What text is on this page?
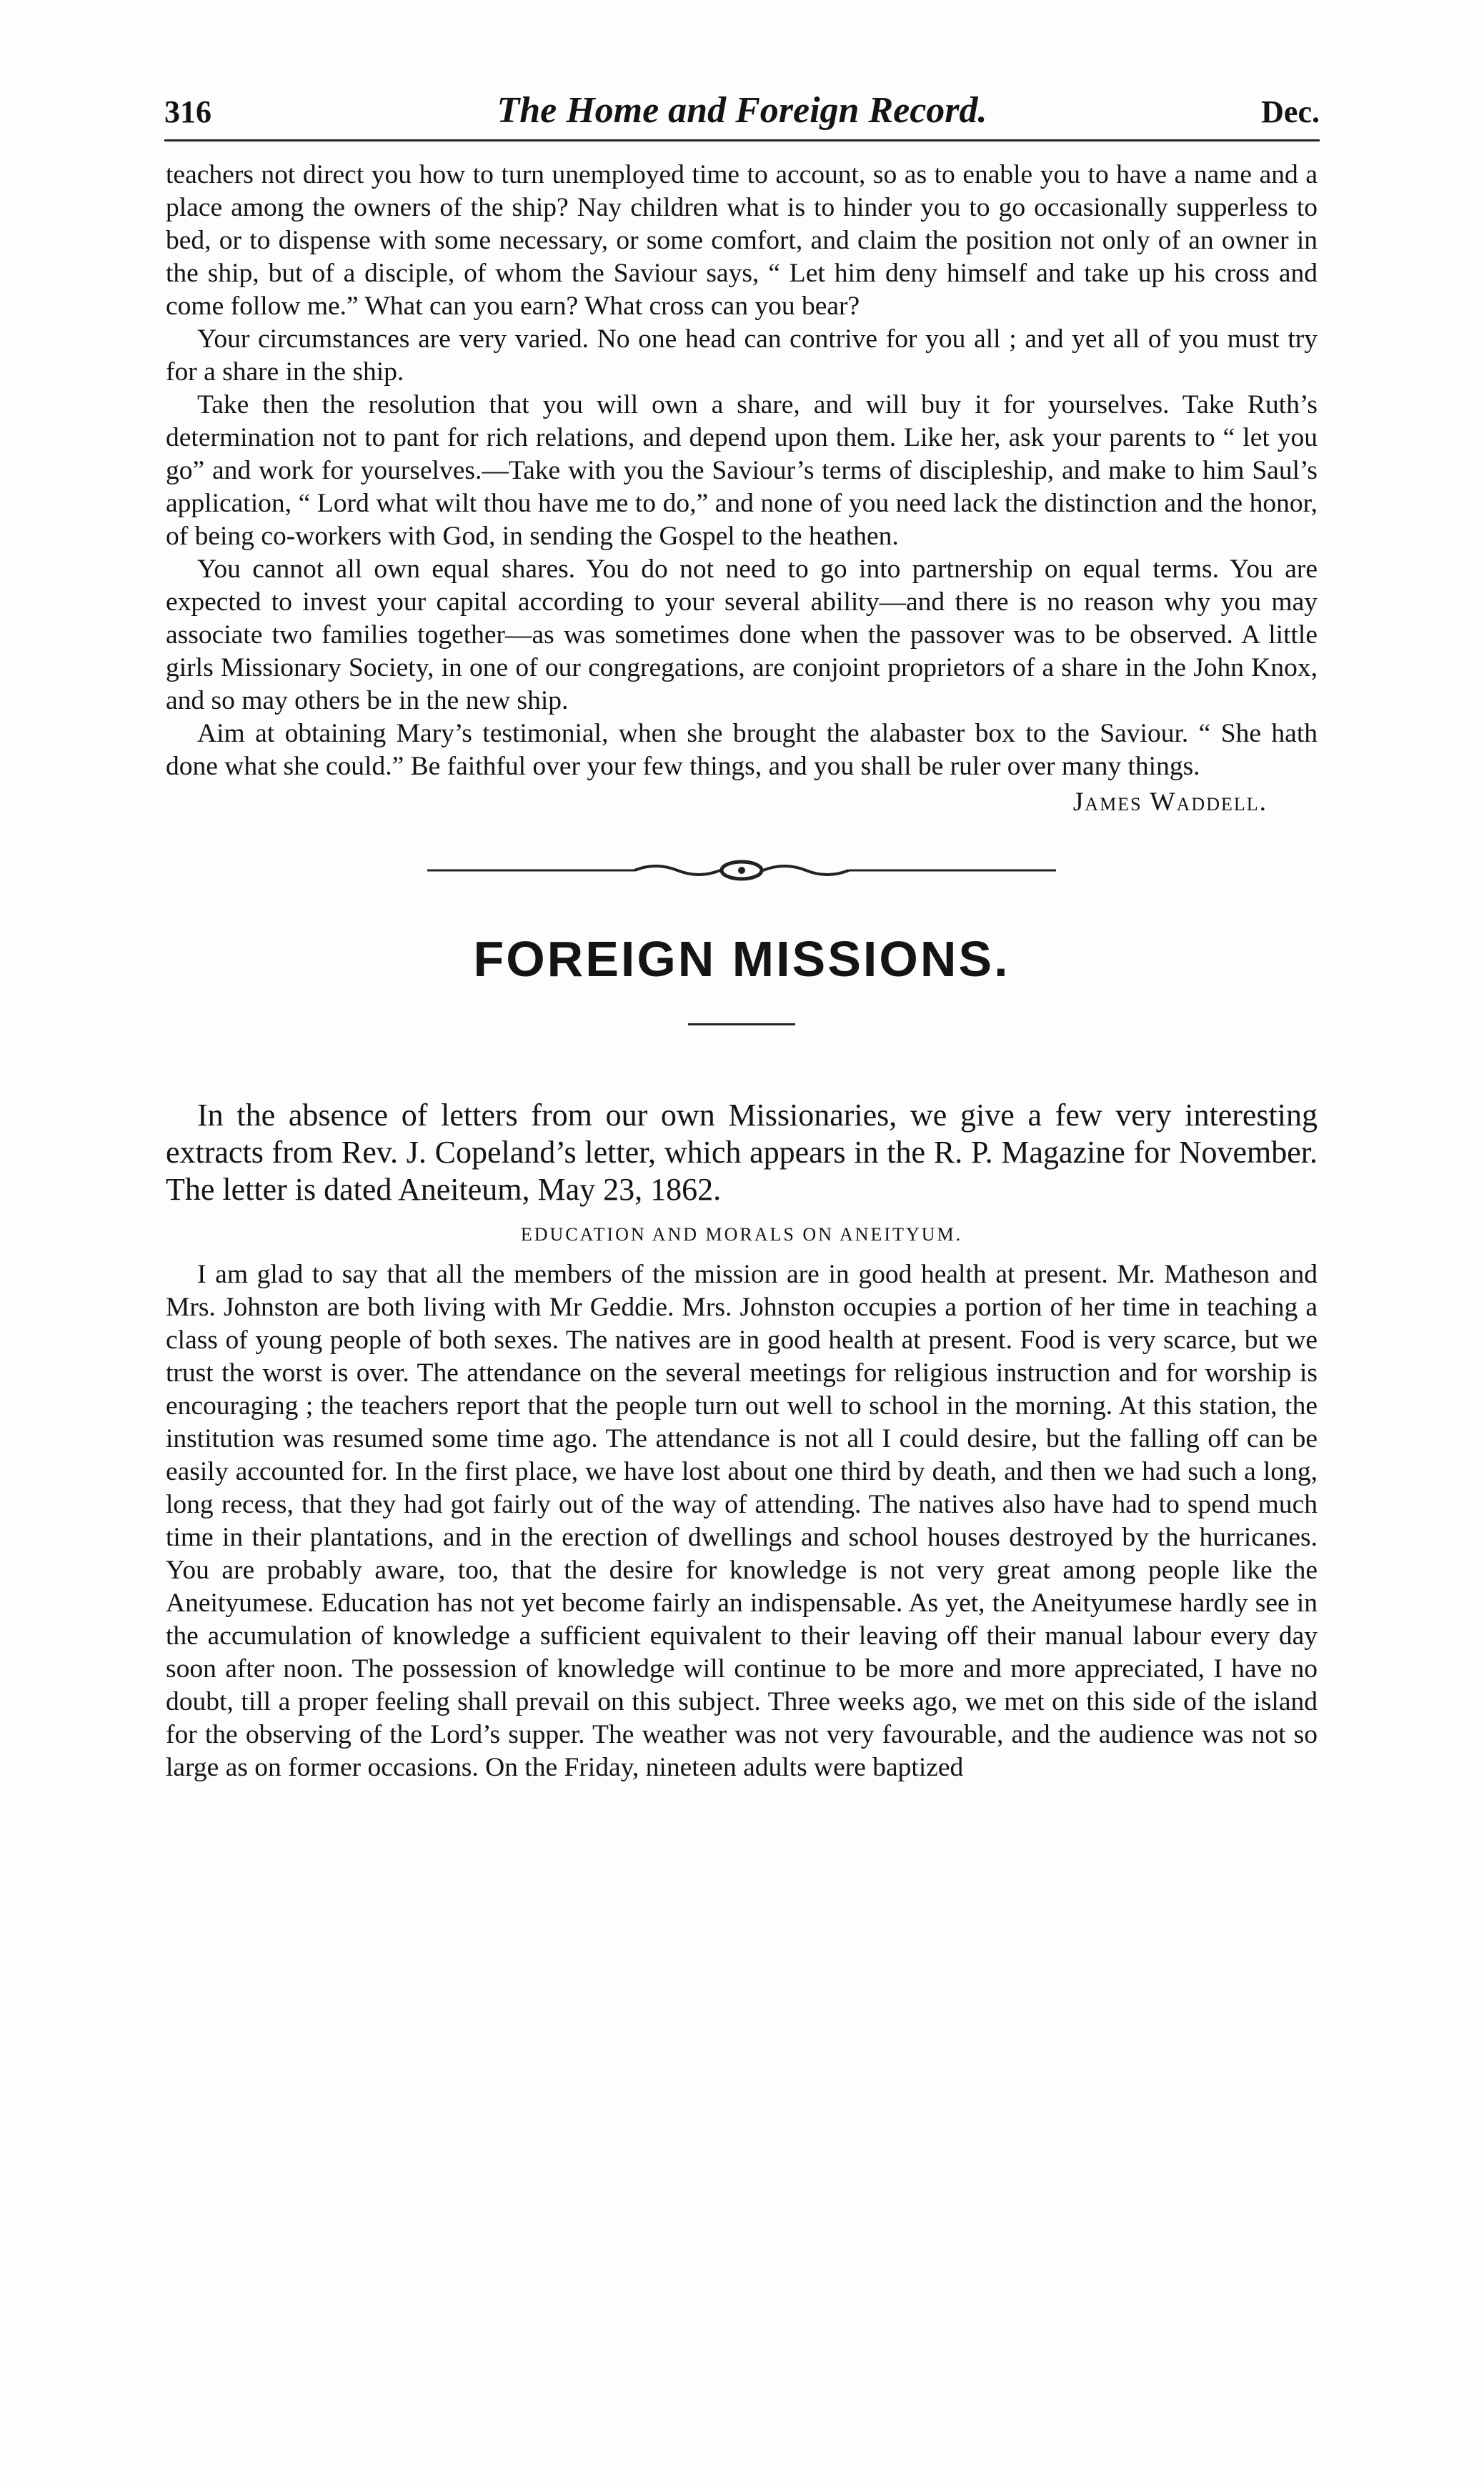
316	The Home and Foreign Record.	Dec.

teachers not direct you how to turn unemployed time to account, so as to enable you to have a name and a place among the owners of the ship? Nay children what is to hinder you to go occasionally supperless to bed, or to dispense with some necessary, or some comfort, and claim the position not only of an owner in the ship, but of a disciple, of whom the Saviour says, “ Let him deny himself and take up his cross and come follow me.” What can you earn? What cross can you bear?

Your circumstances are very varied. No one head can contrive for you all ; and yet all of you must try for a share in the ship.

Take then the resolution that you will own a share, and will buy it for yourselves. Take Ruth’s determination not to pant for rich relations, and depend upon them. Like her, ask your parents to “ let you go” and work for yourselves.—Take with you the Saviour’s terms of discipleship, and make to him Saul’s application, “ Lord what wilt thou have me to do,” and none of you need lack the distinction and the honor, of being co-workers with God, in sending the Gospel to the heathen.

You cannot all own equal shares. You do not need to go into partnership on equal terms. You are expected to invest your capital according to your several ability—and there is no reason why you may associate two families together—as was sometimes done when the passover was to be observed. A little girls Missionary Society, in one of our congregations, are conjoint proprietors of a share in the John Knox, and so may others be in the new ship.

Aim at obtaining Mary’s testimonial, when she brought the alabaster box to the Saviour. “ She hath done what she could.” Be faithful over your few things, and you shall be ruler over many things.

James Waddell.

FOREIGN MISSIONS.

In the absence of letters from our own Missionaries, we give a few very interesting extracts from Rev. J. Copeland’s letter, which appears in the R. P. Magazine for November. The letter is dated Aneiteum, May 23, 1862.

EDUCATION AND MORALS ON ANEITYUM.

I am glad to say that all the members of the mission are in good health at present. Mr. Matheson and Mrs. Johnston are both living with Mr Geddie. Mrs. Johnston occupies a portion of her time in teaching a class of young people of both sexes. The natives are in good health at present. Food is very scarce, but we trust the worst is over. The attendance on the several meetings for religious instruction and for worship is encouraging ; the teachers report that the people turn out well to school in the morning. At this station, the institution was resumed some time ago. The attendance is not all I could desire, but the falling off can be easily accounted for. In the first place, we have lost about one third by death, and then we had such a long, long recess, that they had got fairly out of the way of attending. The natives also have had to spend much time in their plantations, and in the erection of dwellings and school houses destroyed by the hurricanes. You are probably aware, too, that the desire for knowledge is not very great among people like the Aneityumese. Education has not yet become fairly an indispensable. As yet, the Aneityumese hardly see in the accumulation of knowledge a sufficient equivalent to their leaving off their manual labour every day soon after noon. The possession of knowledge will continue to be more and more appreciated, I have no doubt, till a proper feeling shall prevail on this subject. Three weeks ago, we met on this side of the island for the observing of the Lord’s supper. The weather was not very favourable, and the audience was not so large as on former occasions. On the Friday, nineteen adults were baptized
